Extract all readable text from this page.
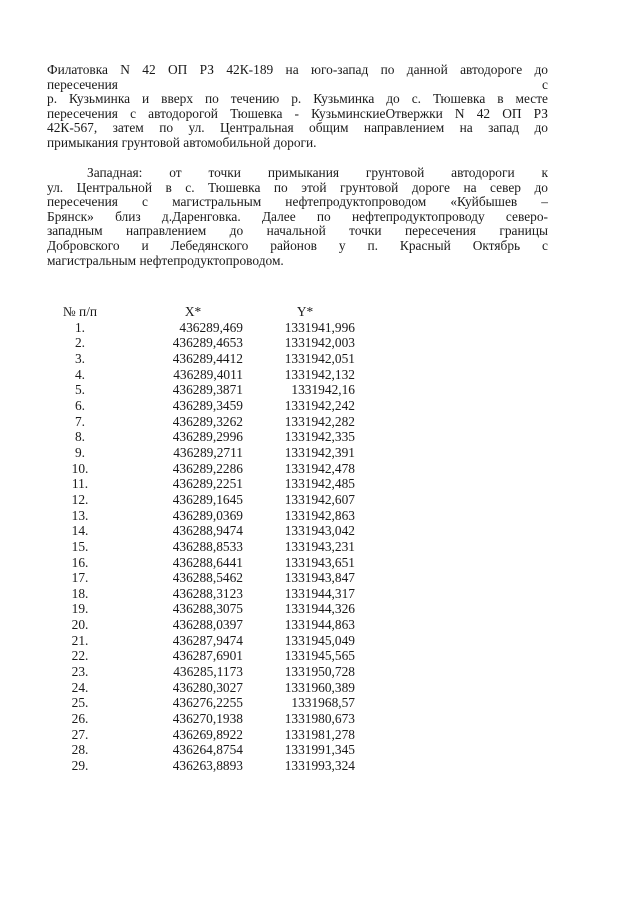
Филатовка N 42 ОП РЗ 42К-189 на юго-запад по данной автодороге до
пересечения	с
р. Кузьминка и вверх по течению р. Кузьминка до с. Тюшевка в месте
пересечения с автодорогой Тюшевка - КузьминскиеОтвержки N 42 ОП РЗ
42К-567, затем по ул. Центральная общим направлением на запад до
примыкания грунтовой автомобильной дороги.
Западная: от точки примыкания грунтовой автодороги к
ул. Центральной в с. Тюшевка по этой грунтовой дороге на север до
пересечения с магистральным нефтепродуктопроводом «Куйбышев –
Брянск» близ д.Даренговка. Далее по нефтепродуктопроводу северо-
западным направлением до начальной точки пересечения границы
Добровского и Лебедянского районов у п. Красный Октябрь с
магистральным нефтепродуктопроводом.
№ п/п	X*	Y*
1.	436289,469	1331941,996
2.	436289,4653	1331942,003
3.	436289,4412	1331942,051
4.	436289,4011	1331942,132
5.	436289,3871	1331942,16
6.	436289,3459	1331942,242
7.	436289,3262	1331942,282
8.	436289,2996	1331942,335
9.	436289,2711	1331942,391
10.	436289,2286	1331942,478
11.	436289,2251	1331942,485
12.	436289,1645	1331942,607
13.	436289,0369	1331942,863
14.	436288,9474	1331943,042
15.	436288,8533	1331943,231
16.	436288,6441	1331943,651
17.	436288,5462	1331943,847
18.	436288,3123	1331944,317
19.	436288,3075	1331944,326
20.	436288,0397	1331944,863
21.	436287,9474	1331945,049
22.	436287,6901	1331945,565
23.	436285,1173	1331950,728
24.	436280,3027	1331960,389
25.	436276,2255	1331968,57
26.	436270,1938	1331980,673
27.	436269,8922	1331981,278
28.	436264,8754	1331991,345
29.	436263,8893	1331993,324
